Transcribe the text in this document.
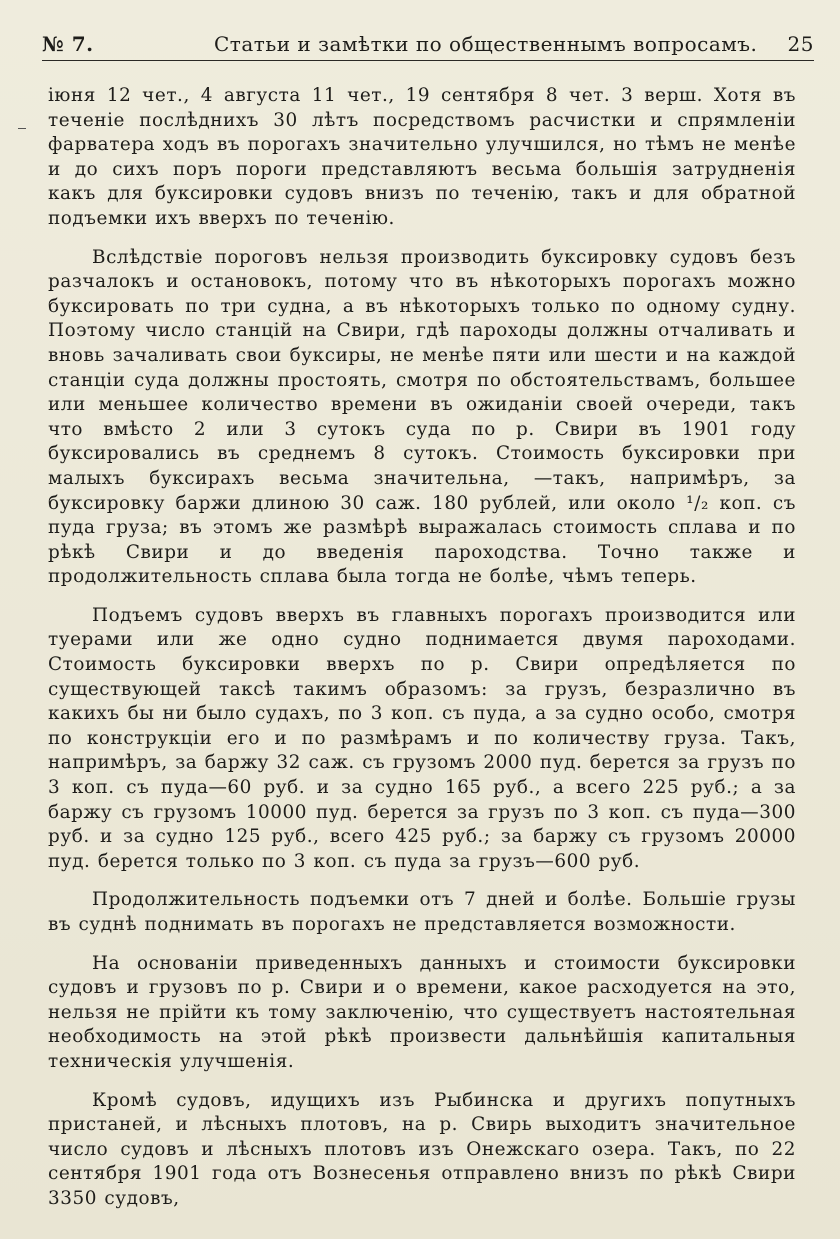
№ 7.	Статьи и замѣтки по общественнымъ вопросамъ. 25

іюня 12 чет., 4 августа 11 чет., 19 сентября 8 чет. 3 верш. Хотя въ теченіе послѣднихъ 30 лѣтъ посредствомъ расчистки и спрямленіи фарватера ходъ въ порогахъ значительно улучшился, но тѣмъ не менѣе и до сихъ поръ пороги представляютъ весьма большія затрудненія какъ для буксировки судовъ внизъ по теченію, такъ и для обратной подъемки ихъ вверхъ по теченію.

Вслѣдствіе пороговъ нельзя производить буксировку судовъ безъ разчалокъ и остановокъ, потому что въ нѣкоторыхъ порогахъ можно буксировать по три судна, а въ нѣкоторыхъ только по одному судну. Поэтому число станцій на Свири, гдѣ пароходы должны отчаливать и вновь зачаливать свои буксиры, не менѣе пяти или шести и на каждой станціи суда должны простоять, смотря по обстоятельствамъ, большее или меньшее количество времени въ ожиданіи своей очереди, такъ что вмѣсто 2 или 3 сутокъ суда по р. Свири въ 1901 году буксировались въ среднемъ 8 сутокъ. Стоимость буксировки при малыхъ буксирахъ весьма значительна, —такъ, напримѣръ, за буксировку баржи длиною 30 саж. 180 рублей, или около ¹/₂ коп. съ пуда груза; въ этомъ же размѣрѣ выражалась стоимость сплава и по рѣкѣ Свири и до введенія пароходства. Точно также и продолжительность сплава была тогда не болѣе, чѣмъ теперь.

Подъемъ судовъ вверхъ въ главныхъ порогахъ производится или туерами или же одно судно поднимается двумя пароходами. Стоимость буксировки вверхъ по р. Свири опредѣляется по существующей таксѣ такимъ образомъ: за грузъ, безразлично въ какихъ бы ни было судахъ, по 3 коп. съ пуда, а за судно особо, смотря по конструкціи его и по размѣрамъ и по количеству груза. Такъ, напримѣръ, за баржу 32 саж. съ грузомъ 2000 пуд. берется за грузъ по 3 коп. съ пуда—60 руб. и за судно 165 руб., а всего 225 руб.; а за баржу съ грузомъ 10000 пуд. берется за грузъ по 3 коп. съ пуда—300 руб. и за судно 125 руб., всего 425 руб.; за баржу съ грузомъ 20000 пуд. берется только по 3 коп. съ пуда за грузъ—600 руб.

Продолжительность подъемки отъ 7 дней и болѣе. Большіе грузы въ суднѣ поднимать въ порогахъ не представляется возможности.

На основаніи приведенныхъ данныхъ и стоимости буксировки судовъ и грузовъ по р. Свири и о времени, какое расходуется на это, нельзя не прійти къ тому заключенію, что существуетъ настоятельная необходимость на этой рѣкѣ произвести дальнѣйшія капитальныя техническія улучшенія.

Кромѣ судовъ, идущихъ изъ Рыбинска и другихъ попутныхъ пристаней, и лѣсныхъ плотовъ, на р. Свирь выходитъ значительное число судовъ и лѣсныхъ плотовъ изъ Онежскаго озера. Такъ, по 22 сентября 1901 года отъ Вознесенья отправлено внизъ по рѣкѣ Свири 3350 судовъ,
